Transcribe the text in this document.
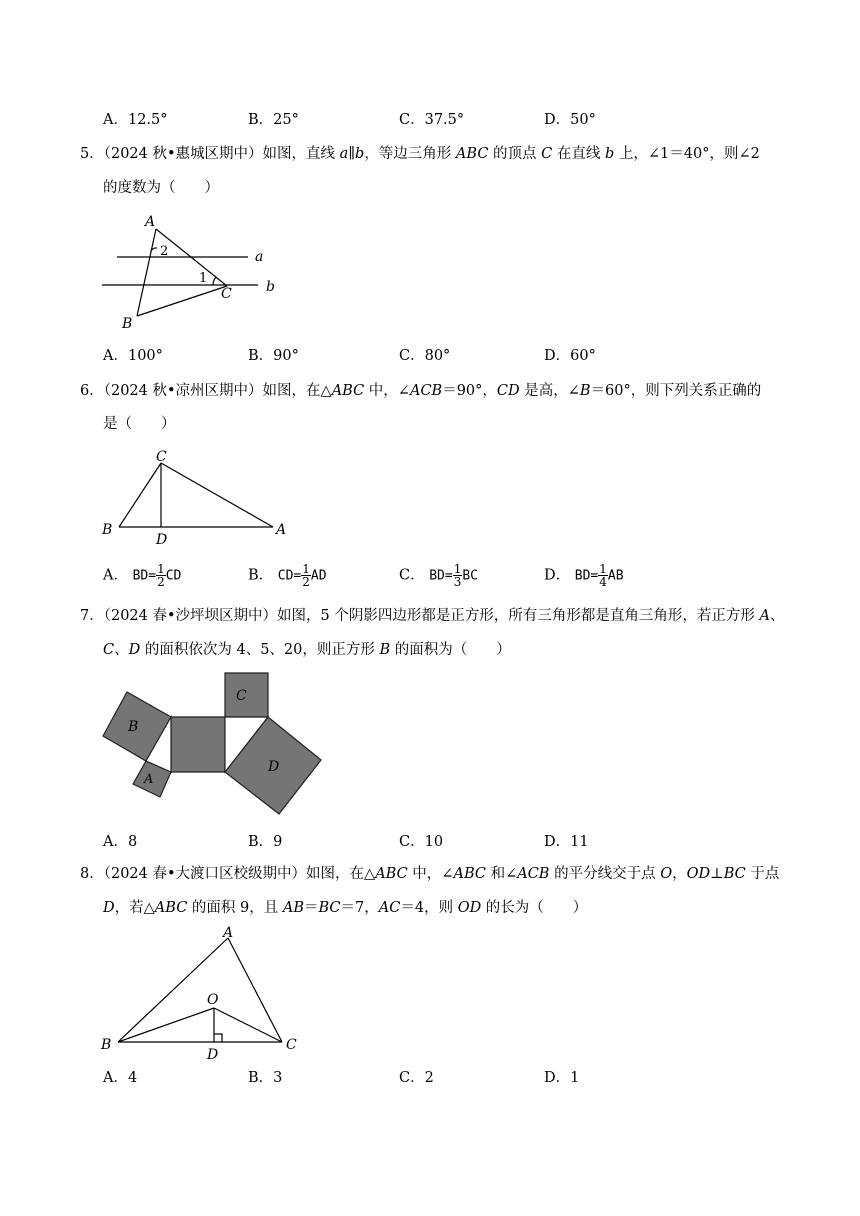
A．12.5°	B．25°	C．37.5°	D．50°
5．（2024 秋•惠城区期中）如图，直线 a∥b，等边三角形 ABC 的顶点 C 在直线 b 上，∠1＝40°，则∠2
的度数为（　　）
A
2
1
C
B
a
b
A．100°	B．90°	C．80°	D．60°
6．（2024 秋•凉州区期中）如图，在△ABC 中，∠ACB＝90°，CD 是高，∠B＝60°，则下列关系正确的
是（　　）
C
B
D
A
A． $BD= \frac{1}{2}$ CD	B． $CD= \frac{1}{2}$ AD	C． $BD= \frac{1}{3}$ BC	D． $BD= \frac{1}{4}$ AB
7．（2024 春•沙坪坝区期中）如图，5 个阴影四边形都是正方形，所有三角形都是直角三角形，若正方形 A、
C、D 的面积依次为 4、5、20，则正方形 B 的面积为（　　）
B
A
C
D
A．8	B．9	C．10	D．11
8．（2024 春•大渡口区校级期中）如图，在△ABC 中，∠ABC 和∠ACB 的平分线交于点 O，OD⊥BC 于点
D，若△ABC 的面积 9，且 AB＝BC＝7，AC＝4，则 OD 的长为（　　）
A
O
B
D
C
A．4	B．3	C．2	D．1
